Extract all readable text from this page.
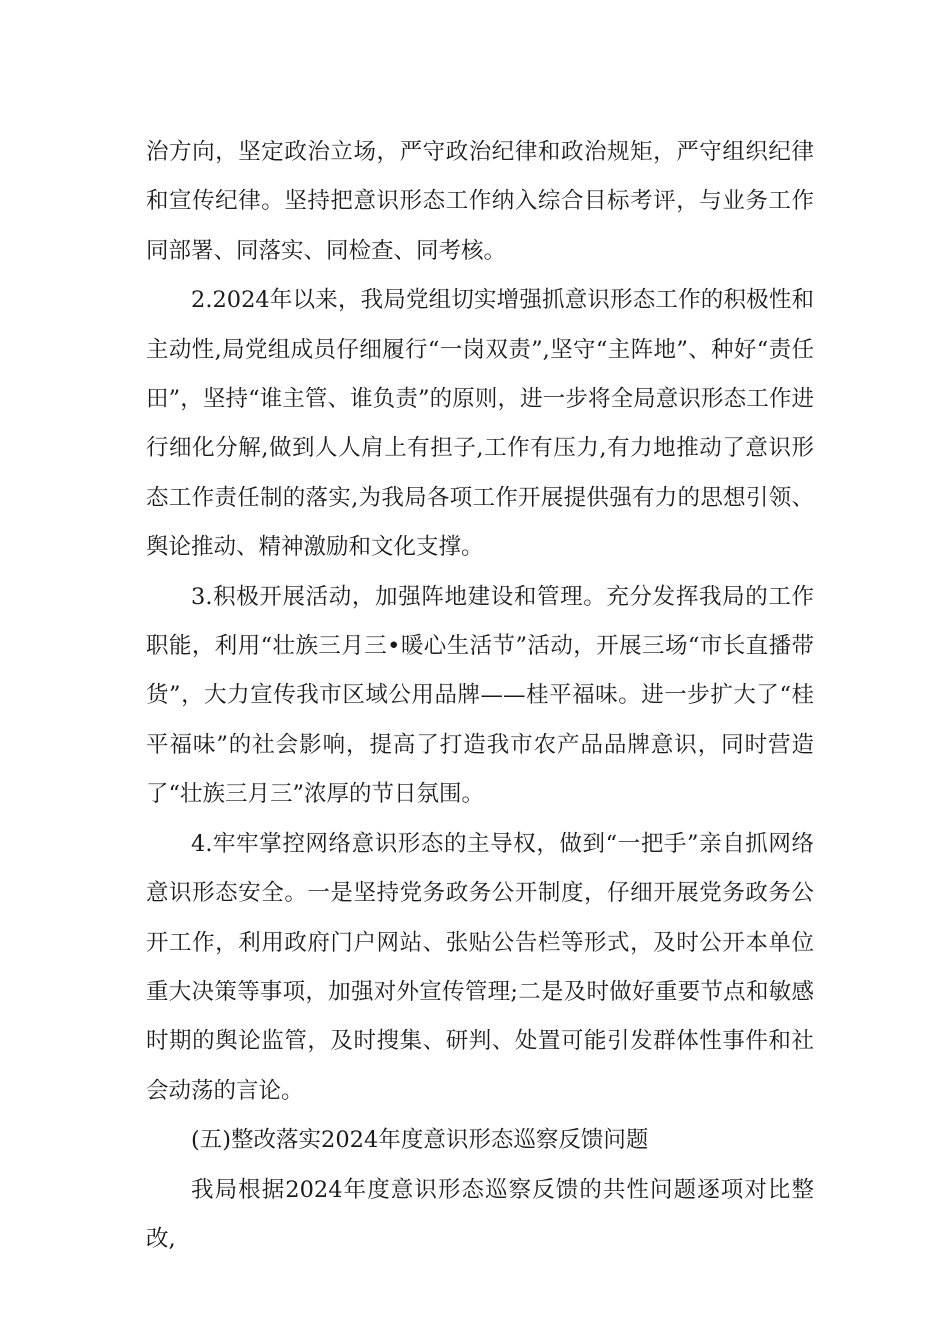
治方向，坚定政治立场，严守政治纪律和政治规矩，严守组织纪律和宣传纪律。坚持把意识形态工作纳入综合目标考评，与业务工作同部署、同落实、同检查、同考核。

2.2024年以来，我局党组切实增强抓意识形态工作的积极性和主动性,局党组成员仔细履行“一岗双责”,坚守“主阵地”、种好“责任田”，坚持“谁主管、谁负责”的原则，进一步将全局意识形态工作进行细化分解,做到人人肩上有担子,工作有压力,有力地推动了意识形态工作责任制的落实,为我局各项工作开展提供强有力的思想引领、舆论推动、精神激励和文化支撑。

3.积极开展活动，加强阵地建设和管理。充分发挥我局的工作职能，利用“壮族三月三•暖心生活节”活动，开展三场“市长直播带货”，大力宣传我市区域公用品牌——桂平福味。进一步扩大了“桂平福味”的社会影响，提高了打造我市农产品品牌意识，同时营造了“壮族三月三”浓厚的节日氛围。

4.牢牢掌控网络意识形态的主导权，做到“一把手”亲自抓网络意识形态安全。一是坚持党务政务公开制度，仔细开展党务政务公开工作，利用政府门户网站、张贴公告栏等形式，及时公开本单位重大决策等事项，加强对外宣传管理;二是及时做好重要节点和敏感时期的舆论监管，及时搜集、研判、处置可能引发群体性事件和社会动荡的言论。

(五)整改落实2024年度意识形态巡察反馈问题

我局根据2024年度意识形态巡察反馈的共性问题逐项对比整改,
